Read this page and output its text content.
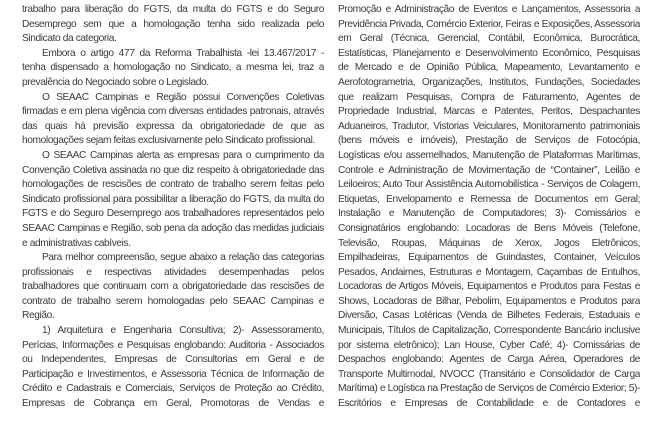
trabalho para liberação do FGTS, da multa do FGTS e do Seguro Desemprego sem que a homologação tenha sido realizada pelo Sindicato da categoria.

Embora o artigo 477 da Reforma Trabalhista -lei 13.467/2017 - tenha dispensado a homologação no Sindicato, a mesma lei, traz a prevalência do Negociado sobre o Legislado.

O SEAAC Campinas e Região possui Convenções Coletivas firmadas e em plena vigência com diversas entidades patronais, através das quais há previsão expressa da obrigatoriedade de que as homologações sejam feitas exclusivamente pelo Sindicato profissional.

O SEAAC Campinas alerta as empresas para o cumprimento da Convenção Coletiva assinada no que diz respeito à obrigatoriedade das homologações de rescisões de contrato de trabalho serem feitas pelo Sindicato profissional para possibilitar a liberação do FGTS, da multa do FGTS e do Seguro Desemprego aos trabalhadores representados pelo SEAAC Campinas e Região, sob pena da adoção das medidas judiciais e administrativas cabíveis.

Para melhor compreensão, segue abaixo a relação das categorias profissionais e respectivas atividades desempenhadas pelos trabalhadores que continuam com a obrigatoriedade das rescisões de contrato de trabalho serem homologadas pelo SEAAC Campinas e Região.

1) Arquitetura e Engenharia Consultiva; 2)- Assessoramento, Perícias, Informações e Pesquisas englobando: Auditoria - Associados ou Independentes, Empresas de Consultorias em Geral e de Participação e Investimentos, e Assessoria Técnica de Informação de Crédito e Cadastrais e Comerciais, Serviços de Proteção ao Crédito, Empresas de Cobrança em Geral, Promotoras de Vendas e

Promoção e Administração de Eventos e Lançamentos, Assessoria a Previdência Privada, Comércio Exterior, Feiras e Exposições, Assessoria em Geral (Técnica, Gerencial, Contábil, Econômica, Burocrática, Estatísticas, Planejamento e Desenvolvimento Econômico, Pesquisas de Mercado e de Opinião Pública, Mapeamento, Levantamento e Aerofotogrametria, Organizações, Institutos, Fundações, Sociedades que realizam Pesquisas, Compra de Faturamento, Agentes de Propriedade Industrial, Marcas e Patentes, Peritos, Despachantes Aduaneiros, Tradutor, Vistorias Veiculares, Monitoramento patrimoniais (bens móveis e imóveis), Prestação de Serviços de Fotocópia, Logísticas e/ou assemelhados, Manutenção de Plataformas Marítimas, Controle e Administração de Movimentação de “Container”, Leilão e Leiloeiros; Auto Tour Assistência Automobilística - Serviços de Colagem, Etiquetas, Envelopamento e Remessa de Documentos em Geral; Instalação e Manutenção de Computadores; 3)- Comissários e Consignatários englobando: Locadoras de Bens Móveis (Telefone, Televisão, Roupas, Máquinas de Xerox, Jogos Eletrônicos, Empilhadeiras, Equipamentos de Guindastes, Container, Veículos Pesados, Andaimes, Estruturas e Montagem, Caçambas de Entulhos, Locadoras de Artigos Móveis, Equipamentos e Produtos para Festas e Shows, Locadoras de Bilhar, Pebolim, Equipamentos e Produtos para Diversão, Casas Lotéricas (Venda de Bilhetes Federais, Estaduais e Municipais, Títulos de Capitalização, Correspondente Bancário inclusive por sistema eletrônico); Lan House, Cyber Café; 4)- Comissárias de Despachos englobando: Agentes de Carga Aérea, Operadores de Transporte Multimodal, NVOCC (Transitário e Consolidador de Carga Marítima) e Logística na Prestação de Serviços de Comércio Exterior; 5)- Escritórios e Empresas de Contabilidade e de Contadores e
